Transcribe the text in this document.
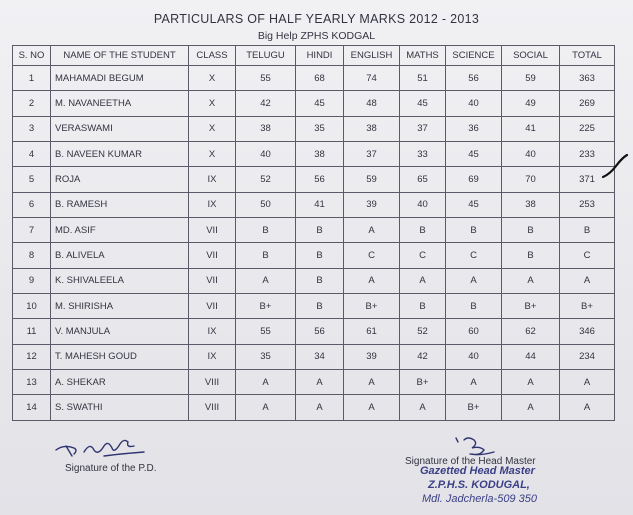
PARTICULARS OF HALF YEARLY MARKS 2012 - 2013
Big Help ZPHS KODGAL
S. NO	NAME OF THE STUDENT	CLASS	TELUGU	HINDI	ENGLISH	MATHS	SCIENCE	SOCIAL	TOTAL
1	MAHAMADI BEGUM	X	55	68	74	51	56	59	363
2	M. NAVANEETHA	X	42	45	48	45	40	49	269
3	VERASWAMI	X	38	35	38	37	36	41	225
4	B. NAVEEN KUMAR	X	40	38	37	33	45	40	233
5	ROJA	IX	52	56	59	65	69	70	371
6	B. RAMESH	IX	50	41	39	40	45	38	253
7	MD. ASIF	VII	B	B	A	B	B	B	B
8	B. ALIVELA	VII	B	B	C	C	C	B	C
9	K. SHIVALEELA	VII	A	B	A	A	A	A	A
10	M. SHIRISHA	VII	B+	B	B+	B	B	B+	B+
11	V. MANJULA	IX	55	56	61	52	60	62	346
12	T. MAHESH GOUD	IX	35	34	39	42	40	44	234
13	A. SHEKAR	VIII	A	A	A	B+	A	A	A
14	S. SWATHI	VIII	A	A	A	A	B+	A	A
Signature of the P.D.
Signature of the Head Master
Gazetted Head Master
Z.P.H.S. KODUGAL,
Mdl. Jadcherla-509 350
